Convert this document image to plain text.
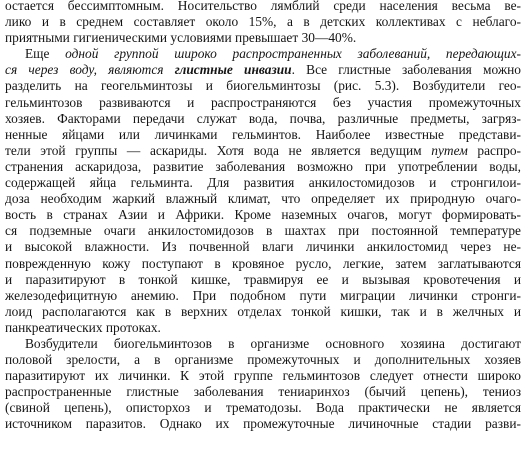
остается бессимптомным. Носительство лямблий среди населения весьма ве-
лико и в среднем составляет около 15%, а в детских коллективах с неблаго-
приятными гигиеническими условиями превышает 30—40%.
Еще одной группой широко распространенных заболеваний, передающих-
ся через воду, являются глистные инвазии. Все глистные заболевания можно
разделить на геогельминтозы и биогельминтозы (рис. 5.3). Возбудители гео-
гельминтозов развиваются и распространяются без участия промежуточных
хозяев. Факторами передачи служат вода, почва, различные предметы, загряз-
ненные яйцами или личинками гельминтов. Наиболее известные представи-
тели этой группы — аскариды. Хотя вода не является ведущим путем распро-
странения аскаридоза, развитие заболевания возможно при употреблении воды,
содержащей яйца гельминта. Для развития анкилостомидозов и стронгилои-
доза необходим жаркий влажный климат, что определяет их природную очаго-
вость в странах Азии и Африки. Кроме наземных очагов, могут формировать-
ся подземные очаги анкилостомидозов в шахтах при постоянной температуре
и высокой влажности. Из почвенной влаги личинки анкилостомид через не-
поврежденную кожу поступают в кровяное русло, легкие, затем заглатываются
и паразитируют в тонкой кишке, травмируя ее и вызывая кровотечения и
железодефицитную анемию. При подобном пути миграции личинки стронги-
лоид располагаются как в верхних отделах тонкой кишки, так и в желчных и
панкреатических протоках.
Возбудители биогельминтозов в организме основного хозяина достигают
половой зрелости, а в организме промежуточных и дополнительных хозяев
паразитируют их личинки. К этой группе гельминтозов следует отнести широко
распространенные глистные заболевания тениаринхоз (бычий цепень), тениоз
(свиной цепень), описторхоз и трематодозы. Вода практически не является
источником паразитов. Однако их промежуточные личиночные стадии разви-
